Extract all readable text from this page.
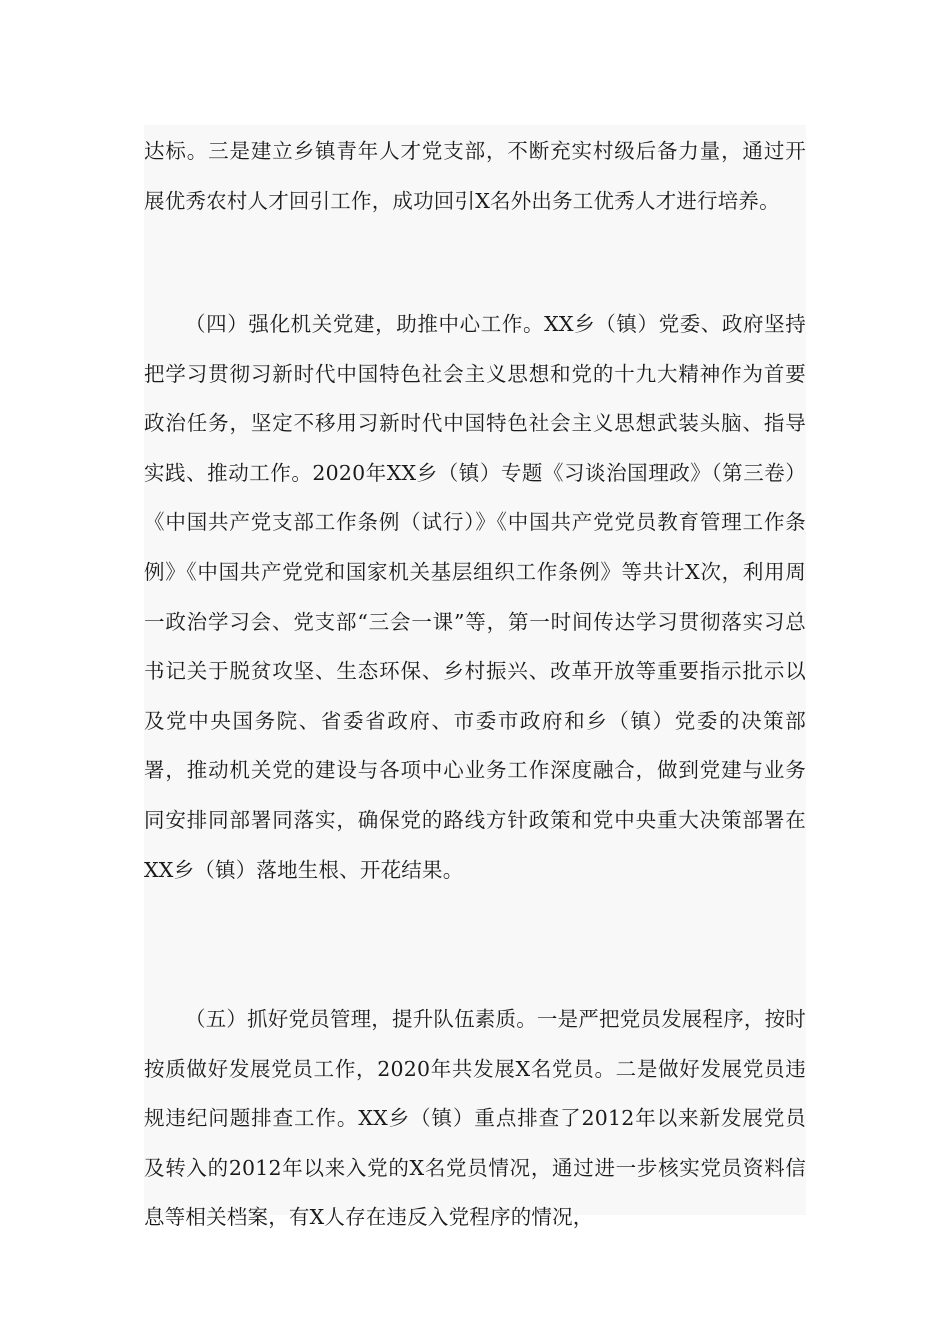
达标。三是建立乡镇青年人才党支部，不断充实村级后备力量，通过开展优秀农村人才回引工作，成功回引X名外出务工优秀人才进行培养。

（四）强化机关党建，助推中心工作。XX乡（镇）党委、政府坚持把学习贯彻习新时代中国特色社会主义思想和党的十九大精神作为首要政治任务，坚定不移用习新时代中国特色社会主义思想武装头脑、指导实践、推动工作。2020年XX乡（镇）专题《习谈治国理政》（第三卷）《中国共产党支部工作条例（试行）》《中国共产党党员教育管理工作条例》《中国共产党党和国家机关基层组织工作条例》等共计X次，利用周一政治学习会、党支部“三会一课”等，第一时间传达学习贯彻落实习总书记关于脱贫攻坚、生态环保、乡村振兴、改革开放等重要指示批示以及党中央国务院、省委省政府、市委市政府和乡（镇）党委的决策部署，推动机关党的建设与各项中心业务工作深度融合，做到党建与业务同安排同部署同落实，确保党的路线方针政策和党中央重大决策部署在XX乡（镇）落地生根、开花结果。

（五）抓好党员管理，提升队伍素质。一是严把党员发展程序，按时按质做好发展党员工作，2020年共发展X名党员。二是做好发展党员违规违纪问题排查工作。XX乡（镇）重点排查了2012年以来新发展党员及转入的2012年以来入党的X名党员情况，通过进一步核实党员资料信息等相关档案，有X人存在违反入党程序的情况，
